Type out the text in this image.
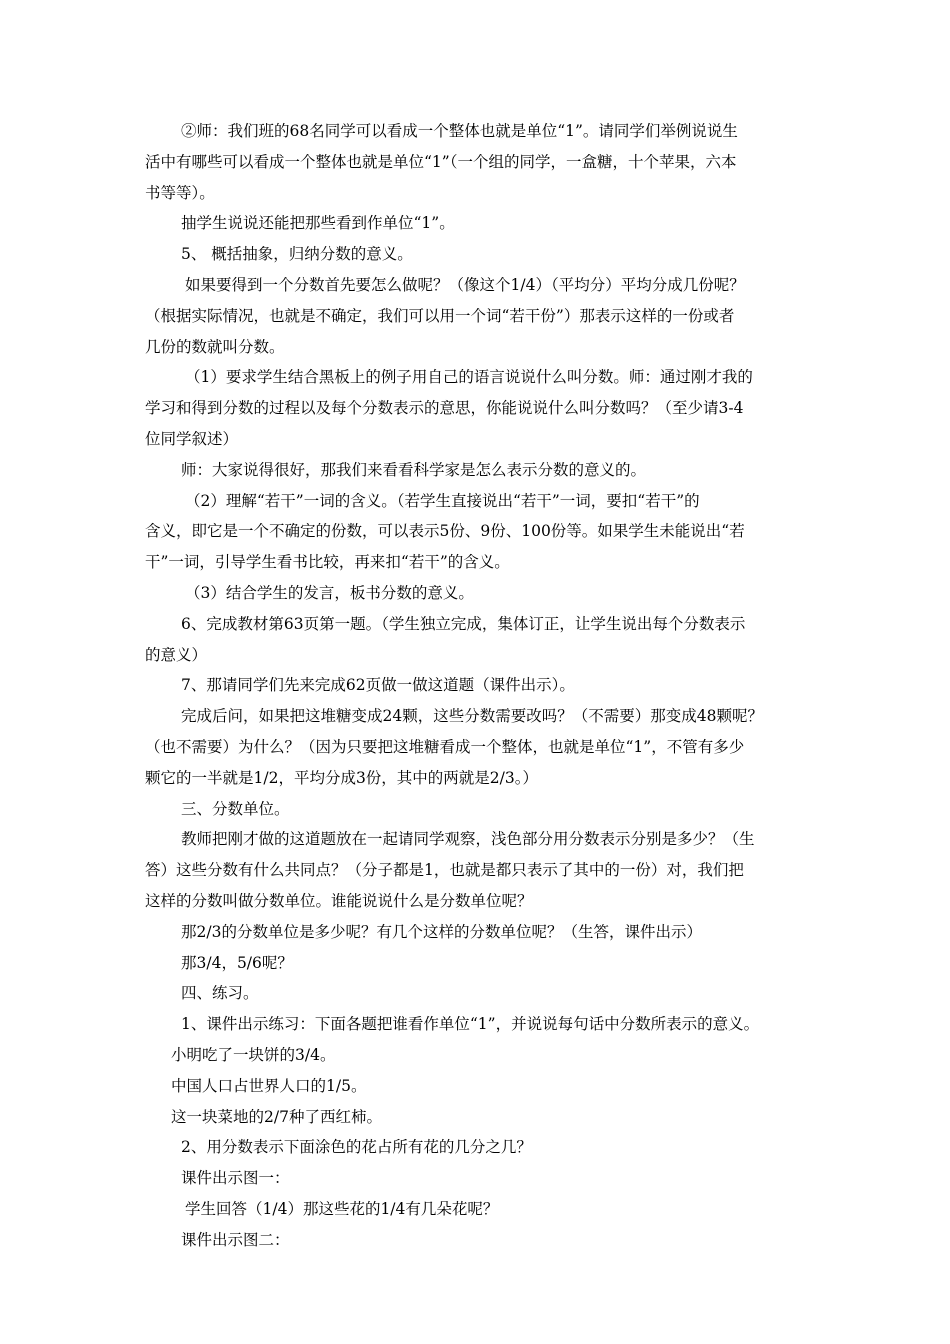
②师：我们班的68名同学可以看成一个整体也就是单位“1”。请同学们举例说说生
活中有哪些可以看成一个整体也就是单位“1”（一个组的同学，一盒糖，十个苹果，六本
书等等）。
抽学生说说还能把那些看到作单位“1”。
5、 概括抽象，归纳分数的意义。
如果要得到一个分数首先要怎么做呢？（像这个1/4）（平均分）平均分成几份呢？
（根据实际情况，也就是不确定，我们可以用一个词“若干份”）那表示这样的一份或者
几份的数就叫分数。
（1）要求学生结合黑板上的例子用自己的语言说说什么叫分数。师：通过刚才我的
学习和得到分数的过程以及每个分数表示的意思，你能说说什么叫分数吗？（至少请3-4
位同学叙述）
师：大家说得很好，那我们来看看科学家是怎么表示分数的意义的。
（2）理解“若干”一词的含义。（若学生直接说出“若干”一词，要扣“若干”的
含义，即它是一个不确定的份数，可以表示5份、9份、100份等。如果学生未能说出“若
干”一词，引导学生看书比较，再来扣“若干”的含义。
（3）结合学生的发言，板书分数的意义。
6、完成教材第63页第一题。（学生独立完成，集体订正，让学生说出每个分数表示
的意义）
7、那请同学们先来完成62页做一做这道题（课件出示）。
完成后问，如果把这堆糖变成24颗，这些分数需要改吗？（不需要）那变成48颗呢？
（也不需要）为什么？（因为只要把这堆糖看成一个整体，也就是单位“1”，不管有多少
颗它的一半就是1/2，平均分成3份，其中的两就是2/3。）
三、分数单位。
教师把刚才做的这道题放在一起请同学观察，浅色部分用分数表示分别是多少？（生
答）这些分数有什么共同点？（分子都是1，也就是都只表示了其中的一份）对，我们把
这样的分数叫做分数单位。谁能说说什么是分数单位呢？
那2/3的分数单位是多少呢？有几个这样的分数单位呢？（生答，课件出示）
那3/4，5/6呢？
四、练习。
1、课件出示练习：下面各题把谁看作单位“1”，并说说每句话中分数所表示的意义。
小明吃了一块饼的3/4。
中国人口占世界人口的1/5。
这一块菜地的2/7种了西红柿。
2、用分数表示下面涂色的花占所有花的几分之几？
课件出示图一：
学生回答（1/4）那这些花的1/4有几朵花呢？
课件出示图二：
